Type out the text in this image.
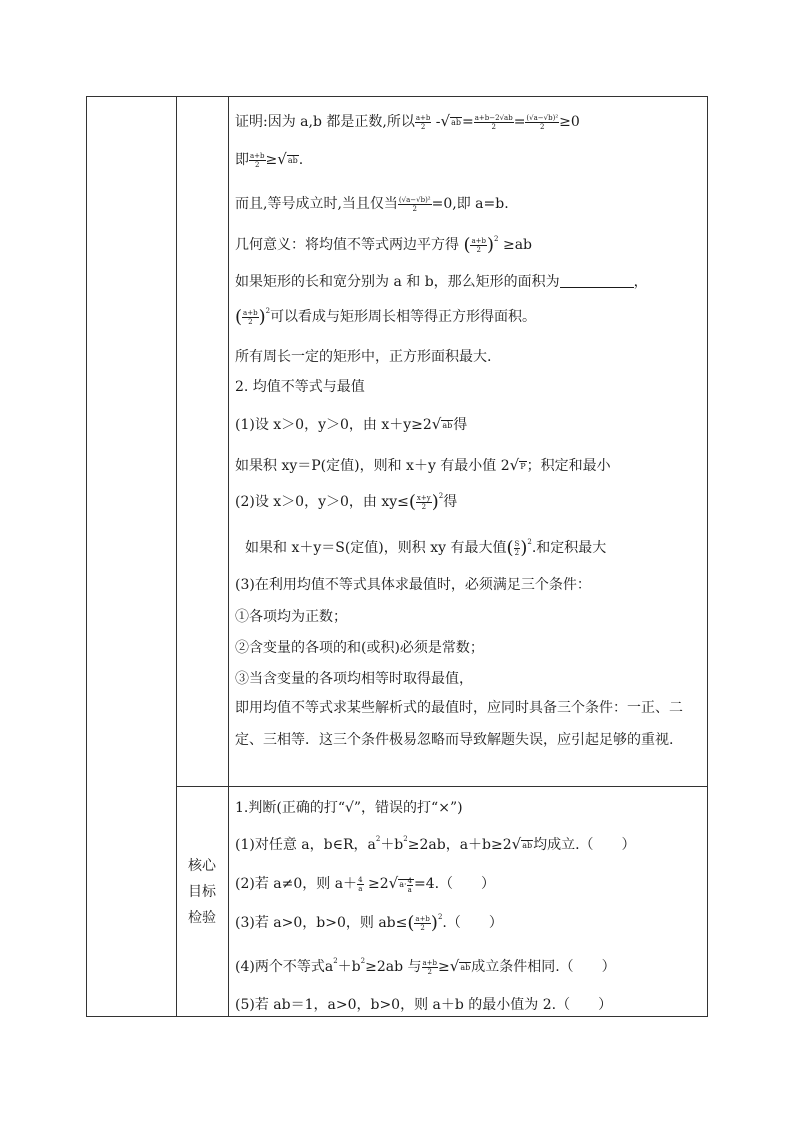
核心
目标
检验
证明:因为 a,b 都是正数,所以 $\frac{a+b}{2} -√ab= \frac{a+b-2√ab}{2} = \frac{\text{(√a−√b)²}}{2} \ge 0$
即 $\frac{a+b}{2} \ge√ab$.
而且,等号成立时,当且仅当 $\frac{\text{(√a−√b)²}}{2} =0$,即 a=b.
几何意义：将均值不等式两边平方得 ( $\frac{a+b}{2} )^2 \ge ab$
如果矩形的长和宽分别为 a 和 b，那么矩形的面积为	，
( $\frac{a+b}{2} )^2$可以看成与矩形周长相等得正方形得面积。
所有周长一定的矩形中，正方形面积最大.
2. 均值不等式与最值
(1)设 x＞0，y＞0，由 x＋y≥2√ab得
如果积 xy＝P(定值)，则和 x＋y 有最小值 2√P；积定和最小
(2)设 x＞0，y＞0，由 $xy\le( \frac{x+y}{2} )^2$得
如果和 x＋y＝S(定值)，则积 xy 有最大值( $\frac{S}{2} )^2$.和定积最大
(3)在利用均值不等式具体求最值时，必须满足三个条件：
①各项均为正数；
②含变量的各项的和(或积)必须是常数；
③当含变量的各项均相等时取得最值，
即用均值不等式求某些解析式的最值时，应同时具备三个条件：一正、二定、三相等．这三个条件极易忽略而导致解题失误，应引起足够的重视.
1.判断(正确的打“√”，错误的打“×”)
(1)对任意 a，b∈R，$a^2+b^2\ge 2ab$，a＋b≥2√ab均成立.（　　）
(2)若 a≠0，则 $a+ \frac{4}{a} \ge 2√a\cdot \frac{4}{a} =4$.（　　）
(3)若 a>0，b>0，则 $ab\le( \frac{a+b}{2} )^2$.（　　）
(4)两个不等式$a^2+b^2\ge 2ab$ 与 $\frac{a+b}{2} \ge√ab$成立条件相同.（　　）
(5)若 ab＝1，a>0，b>0，则 a＋b 的最小值为 2.（　　）
